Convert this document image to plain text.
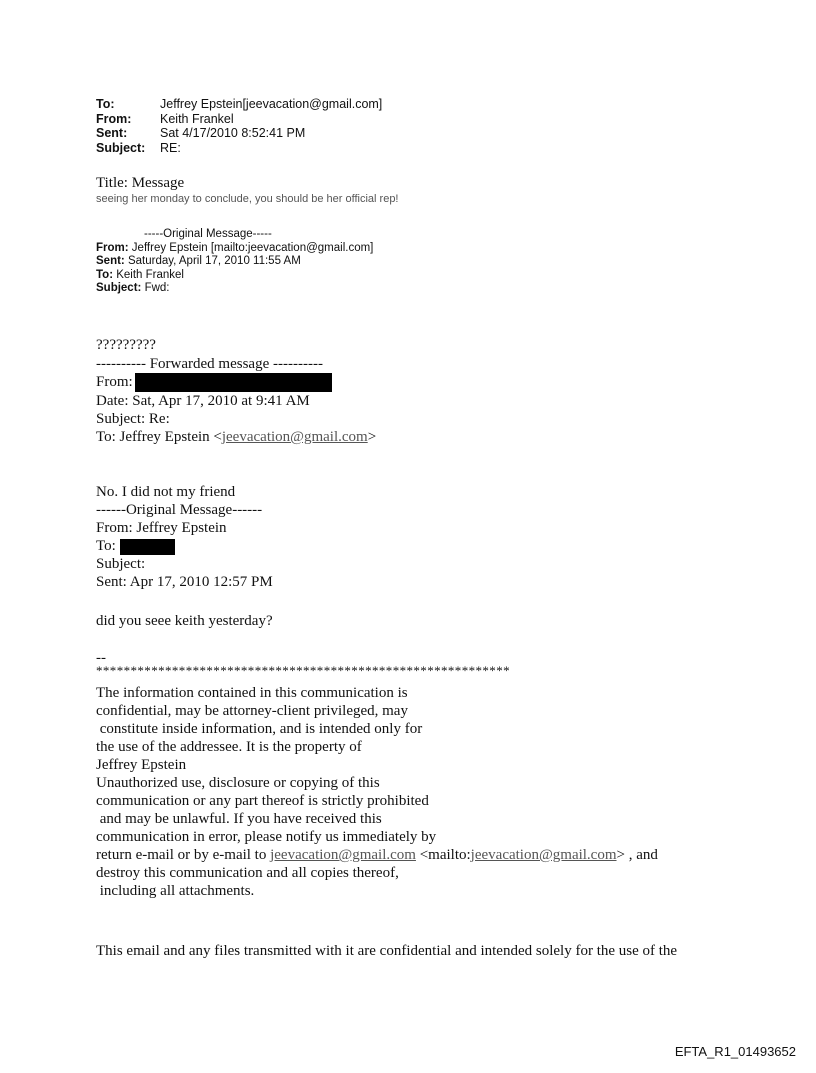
To:	Jeffrey Epstein[jeevacation@gmail.com]
From:	Keith Frankel
Sent:	Sat 4/17/2010 8:52:41 PM
Subject:	RE:
Title: Message
seeing her monday to conclude, you should be her official rep!
-----Original Message-----
From: Jeffrey Epstein [mailto:jeevacation@gmail.com]
Sent: Saturday, April 17, 2010 11:55 AM
To: Keith Frankel
Subject: Fwd:
?????????
---------- Forwarded message ----------
From:
Date: Sat, Apr 17, 2010 at 9:41 AM
Subject: Re:
To: Jeffrey Epstein <jeevacation@gmail.com>
No. I did not my friend
------Original Message------
From: Jeffrey Epstein
To:
Subject:
Sent: Apr 17, 2010 12:57 PM
did you seee keith yesterday?
--
************************************************************
The information contained in this communication is
confidential, may be attorney-client privileged, may
constitute inside information, and is intended only for
the use of the addressee. It is the property of
Jeffrey Epstein
Unauthorized use, disclosure or copying of this
communication or any part thereof is strictly prohibited
and may be unlawful. If you have received this
communication in error, please notify us immediately by
return e-mail or by e-mail to jeevacation@gmail.com <mailto:jeevacation@gmail.com> , and
destroy this communication and all copies thereof,
including all attachments.
This email and any files transmitted with it are confidential and intended solely for the use of the
EFTA_R1_01493652
